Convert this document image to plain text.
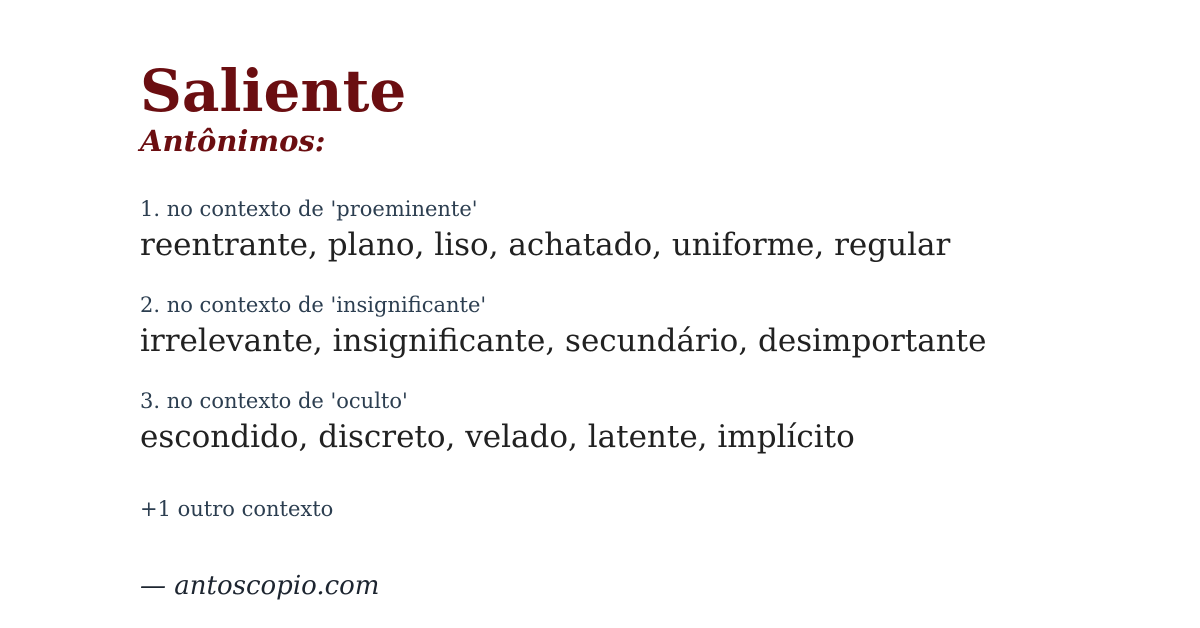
Saliente
Antônimos:

1. no contexto de 'proeminente'

reentrante, plano, liso, achatado, uniforme, regular

2. no contexto de 'insignificante'

irrelevante, insignificante, secundário, desimportante

3. no contexto de 'oculto'

escondido, discreto, velado, latente, implícito

+1 outro contexto

— antoscopio.com
